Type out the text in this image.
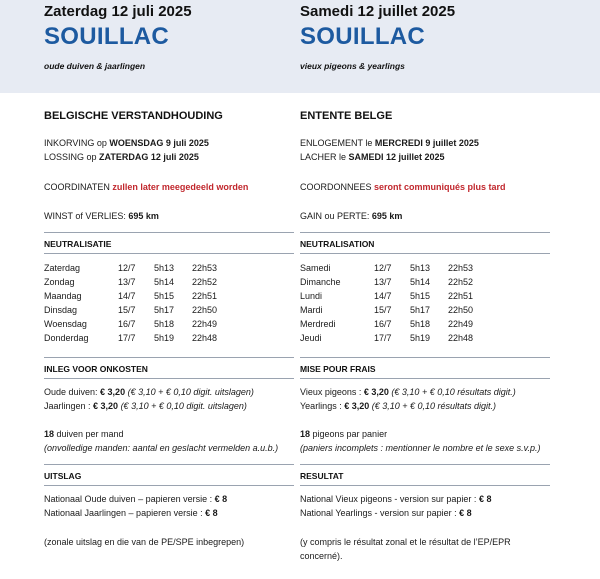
Zaterdag 12 juli 2025
SOUILLAC
oude duiven & jaarlingen
Samedi 12 juillet 2025
SOUILLAC
vieux pigeons & yearlings
BELGISCHE VERSTANDHOUDING
INKORVING op WOENSDAG 9 juli 2025
LOSSING op ZATERDAG 12 juli 2025
COORDINATEN zullen later meegedeeld worden
WINST of VERLIES: 695 km
NEUTRALISATIE
Zaterdag	12/7 5h13 22h53
Zondag	13/7 5h14 22h52
Maandag	14/7 5h15 22h51
Dinsdag	15/7 5h17 22h50
Woensdag	16/7 5h18 22h49
Donderdag	17/7 5h19 22h48
INLEG VOOR ONKOSTEN
Oude duiven: € 3,20 (€ 3,10 + € 0,10 digit. uitslagen)
Jaarlingen : € 3,20 (€ 3,10 + € 0,10 digit. uitslagen)
18 duiven per mand
(onvolledige manden: aantal en geslacht vermelden a.u.b.)
UITSLAG
Nationaal Oude duiven – papieren versie : € 8
Nationaal Jaarlingen – papieren versie : € 8
(zonale uitslag en die van de PE/SPE inbegrepen)
ENTENTE BELGE
ENLOGEMENT le MERCREDI 9 juillet 2025
LACHER le SAMEDI 12 juillet 2025
COORDONNEES seront communiqués plus tard
GAIN ou PERTE: 695 km
NEUTRALISATION
Samedi	12/7 5h13 22h53
Dimanche	13/7 5h14 22h52
Lundi	14/7 5h15 22h51
Mardi	15/7 5h17 22h50
Merdredi	16/7 5h18 22h49
Jeudi	17/7 5h19 22h48
MISE POUR FRAIS
Vieux pigeons : € 3,20 (€ 3,10 + € 0,10 résultats digit.)
Yearlings : € 3,20 (€ 3,10 + € 0,10 résultats digit.)
18 pigeons par panier
(paniers incomplets : mentionner le nombre et le sexe s.v.p.)
RESULTAT
National Vieux pigeons - version sur papier : € 8
National Yearlings - version sur papier : € 8
(y compris le résultat zonal et le résultat de l’EP/EPR
concerné).
